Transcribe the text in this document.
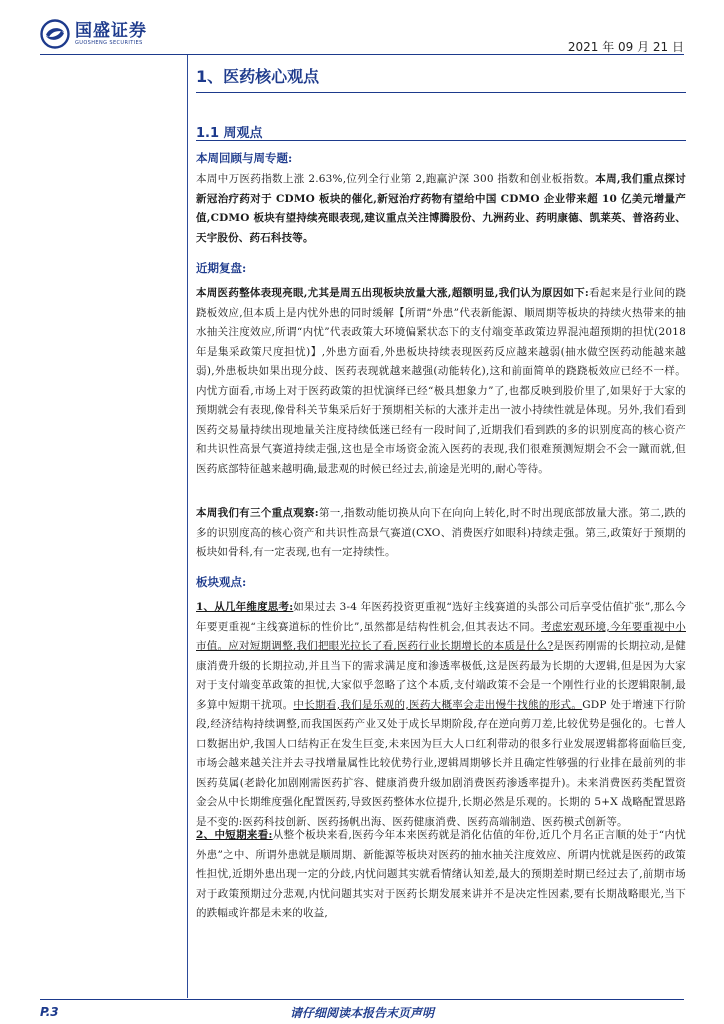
国盛证券
GUOSHENG SECURITIES	2021 年 09 月 21 日
1、医药核心观点
1.1 周观点
本周回顾与周专题:
本周中万医药指数上涨 2.63%,位列全行业第 2,跑赢沪深 300 指数和创业板指数。本周,我们重点探讨新冠治疗药对于 CDMO 板块的催化,新冠治疗药物有望给中国 CDMO 企业带来超 10 亿美元增量产值,CDMO 板块有望持续亮眼表现,建议重点关注博腾股份、九洲药业、药明康德、凯莱英、普洛药业、天宇股份、药石科技等。
近期复盘:
本周医药整体表现亮眼,尤其是周五出现板块放量大涨,超额明显,我们认为原因如下:看起来是行业间的跷跷板效应,但本质上是内忧外患的同时缓解【所谓“外患”代表新能源、顺周期等板块的持续火热带来的抽水抽关注度效应,所谓“内忧”代表政策大环境偏紧状态下的支付端变革政策边界混沌超预期的担忧(2018 年是集采政策尺度担忧)】,外患方面看,外患板块持续表现医药反应越来越弱(抽水做空医药动能越来越弱),外患板块如果出现分歧、医药表现就越来越强(动能转化),这和前面简单的跷跷板效应已经不一样。内忧方面看,市场上对于医药政策的担忧演绎已经“极具想象力”了,也都反映到股价里了,如果好于大家的预期就会有表现,像骨科关节集采后好于预期相关标的大涨并走出一波小持续性就是体现。另外,我们看到医药交易量持续出现地量关注度持续低迷已经有一段时间了,近期我们看到跌的多的识别度高的核心资产和共识性高景气赛道持续走强,这也是全市场资金流入医药的表现,我们很难预测短期会不会一蹴而就,但医药底部特征越来越明确,最悲观的时候已经过去,前途是光明的,耐心等待。
本周我们有三个重点观察:第一,指数动能切换从向下在向向上转化,时不时出现底部放量大涨。第二,跌的多的识别度高的核心资产和共识性高景气赛道(CXO、消费医疗如眼科)持续走强。第三,政策好于预期的板块如骨科,有一定表现,也有一定持续性。
板块观点:
1、从几年维度思考:如果过去 3-4 年医药投资更重视“选好主线赛道的头部公司后享受估值扩张”,那么今年要更重视“主线赛道标的性价比”,虽然都是结构性机会,但其表达不同。考虑宏观环境,今年要重视中小市值。应对短期调整,我们把眼光拉长了看,医药行业长期增长的本质是什么?是医药刚需的长期拉动,是健康消费升级的长期拉动,并且当下的需求满足度和渗透率极低,这是医药最为长期的大逻辑,但是因为大家对于支付端变革政策的担忧,大家似乎忽略了这个本质,支付端政策不会是一个刚性行业的长逻辑限制,最多算中短期干扰项。中长期看,我们是乐观的,医药大概率会走出慢牛找熊的形式。GDP 处于增速下行阶段,经济结构持续调整,而我国医药产业又处于成长早期阶段,存在逆向剪刀差,比较优势是强化的。七普人口数据出炉,我国人口结构正在发生巨变,未来因为巨大人口红利带动的很多行业发展逻辑都将面临巨变,市场会越来越关注并去寻找增量属性比较优势行业,逻辑周期够长并且确定性够强的行业排在最前列的非医药莫属(老龄化加剧刚需医药扩容、健康消费升级加剧消费医药渗透率提升)。未来消费医药类配置资金会从中长期维度强化配置医药,导致医药整体水位提升,长期必然是乐观的。长期的 5+X 战略配置思路是不变的:医药科技创新、医药扬帆出海、医药健康消费、医药高端制造、医药模式创新等。
2、中短期来看:从整个板块来看,医药今年本来医药就是消化估值的年份,近几个月名正言顺的处于“内忧外患”之中、所谓外患就是顺周期、新能源等板块对医药的抽水抽关注度效应、所谓内忧就是医药的政策性担忧,近期外患出现一定的分歧,内忧问题其实就看情绪认知差,最大的预期差时期已经过去了,前期市场对于政策预期过分悲观,内忧问题其实对于医药长期发展来讲并不是决定性因素,要有长期战略眼光,当下的跌幅或许都是未来的收益,
P.3	请仔细阅读本报告末页声明
